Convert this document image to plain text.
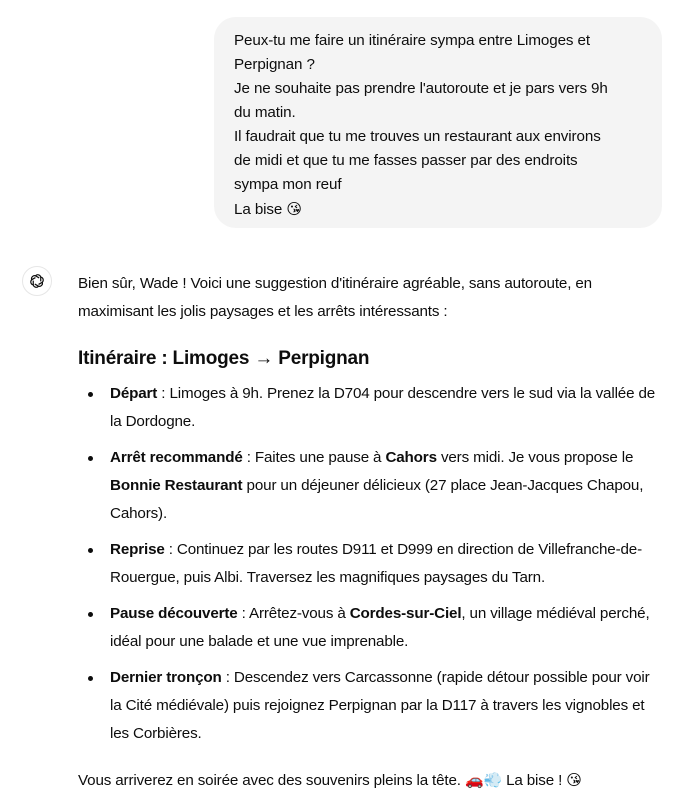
Peux-tu me faire un itinéraire sympa entre Limoges et
Perpignan ?
Je ne souhaite pas prendre l'autoroute et je pars vers 9h
du matin.
Il faudrait que tu me trouves un restaurant aux environs
de midi et que tu me fasses passer par des endroits
sympa mon reuf
La bise 😘

Bien sûr, Wade ! Voici une suggestion d'itinéraire agréable, sans autoroute, en maximisant les jolis paysages et les arrêts intéressants :

Itinéraire : Limoges → Perpignan
Départ : Limoges à 9h. Prenez la D704 pour descendre vers le sud via la vallée de la Dordogne.
Arrêt recommandé : Faites une pause à Cahors vers midi. Je vous propose le Bonnie Restaurant pour un déjeuner délicieux (27 place Jean-Jacques Chapou, Cahors).
Reprise : Continuez par les routes D911 et D999 en direction de Villefranche-de-Rouergue, puis Albi. Traversez les magnifiques paysages du Tarn.
Pause découverte : Arrêtez-vous à Cordes-sur-Ciel, un village médiéval perché, idéal pour une balade et une vue imprenable.
Dernier tronçon : Descendez vers Carcassonne (rapide détour possible pour voir la Cité médiévale) puis rejoignez Perpignan par la D117 à travers les vignobles et les Corbières.

Vous arriverez en soirée avec des souvenirs pleins la tête. 🚗💨 La bise ! 😘
